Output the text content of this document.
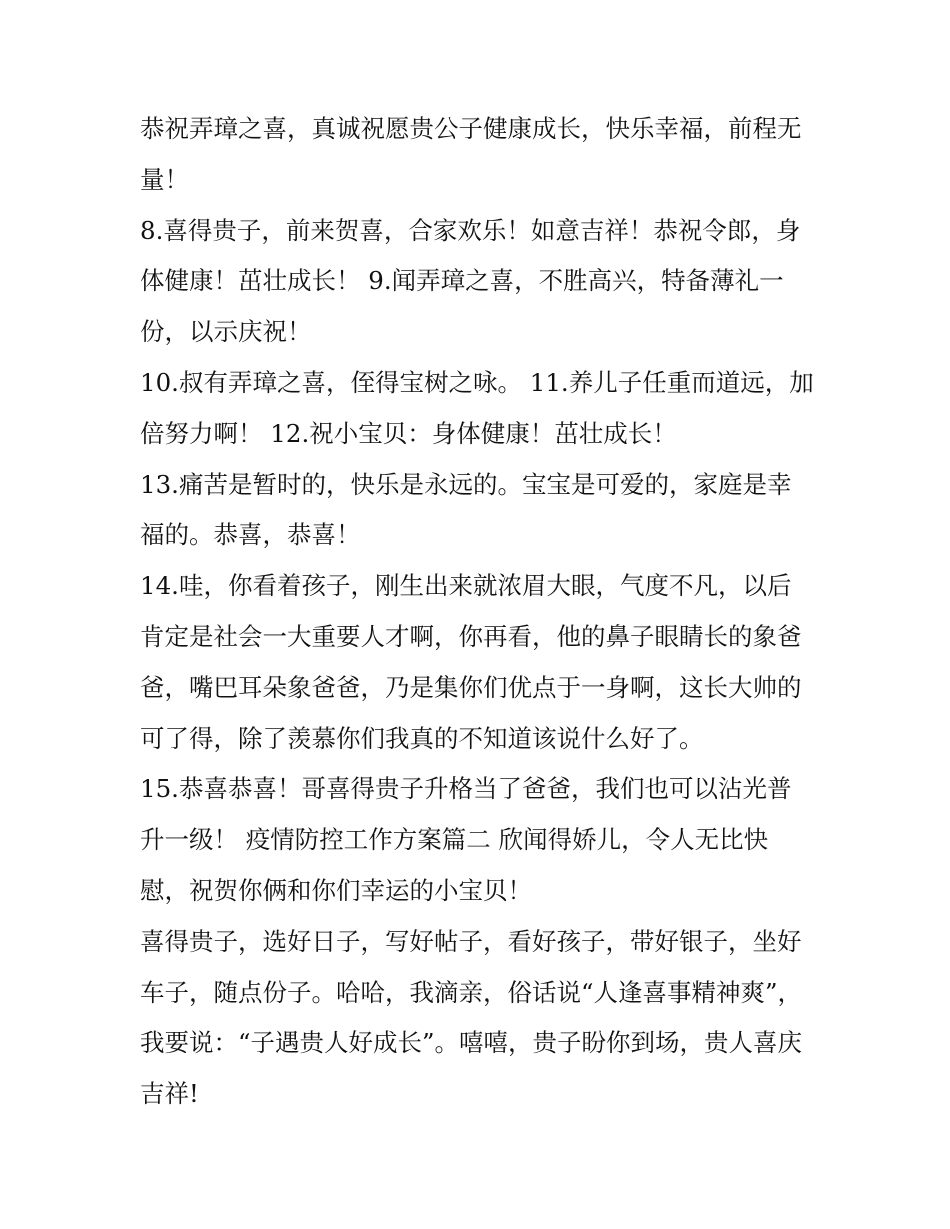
恭祝弄璋之喜，真诚祝愿贵公子健康成长，快乐幸福，前程无
量！
8.喜得贵子，前来贺喜，合家欢乐！如意吉祥！恭祝令郎，身
体健康！茁壮成长！ 9.闻弄璋之喜，不胜高兴，特备薄礼一
份，以示庆祝！
10.叔有弄璋之喜，侄得宝树之咏。 11.养儿子任重而道远，加
倍努力啊！ 12.祝小宝贝：身体健康！茁壮成长！
13.痛苦是暂时的，快乐是永远的。宝宝是可爱的，家庭是幸
福的。恭喜，恭喜！
14.哇，你看着孩子，刚生出来就浓眉大眼，气度不凡，以后
肯定是社会一大重要人才啊，你再看，他的鼻子眼睛长的象爸
爸，嘴巴耳朵象爸爸，乃是集你们优点于一身啊，这长大帅的
可了得，除了羡慕你们我真的不知道该说什么好了。
15.恭喜恭喜！哥喜得贵子升格当了爸爸，我们也可以沾光普
升一级！ 疫情防控工作方案篇二 欣闻得娇儿，令人无比快
慰，祝贺你俩和你们幸运的小宝贝！
喜得贵子，选好日子，写好帖子，看好孩子，带好银子，坐好
车子，随点份子。哈哈，我滴亲，俗话说“人逢喜事精神爽”，
我要说：“子遇贵人好成长”。嘻嘻，贵子盼你到场，贵人喜庆
吉祥!
